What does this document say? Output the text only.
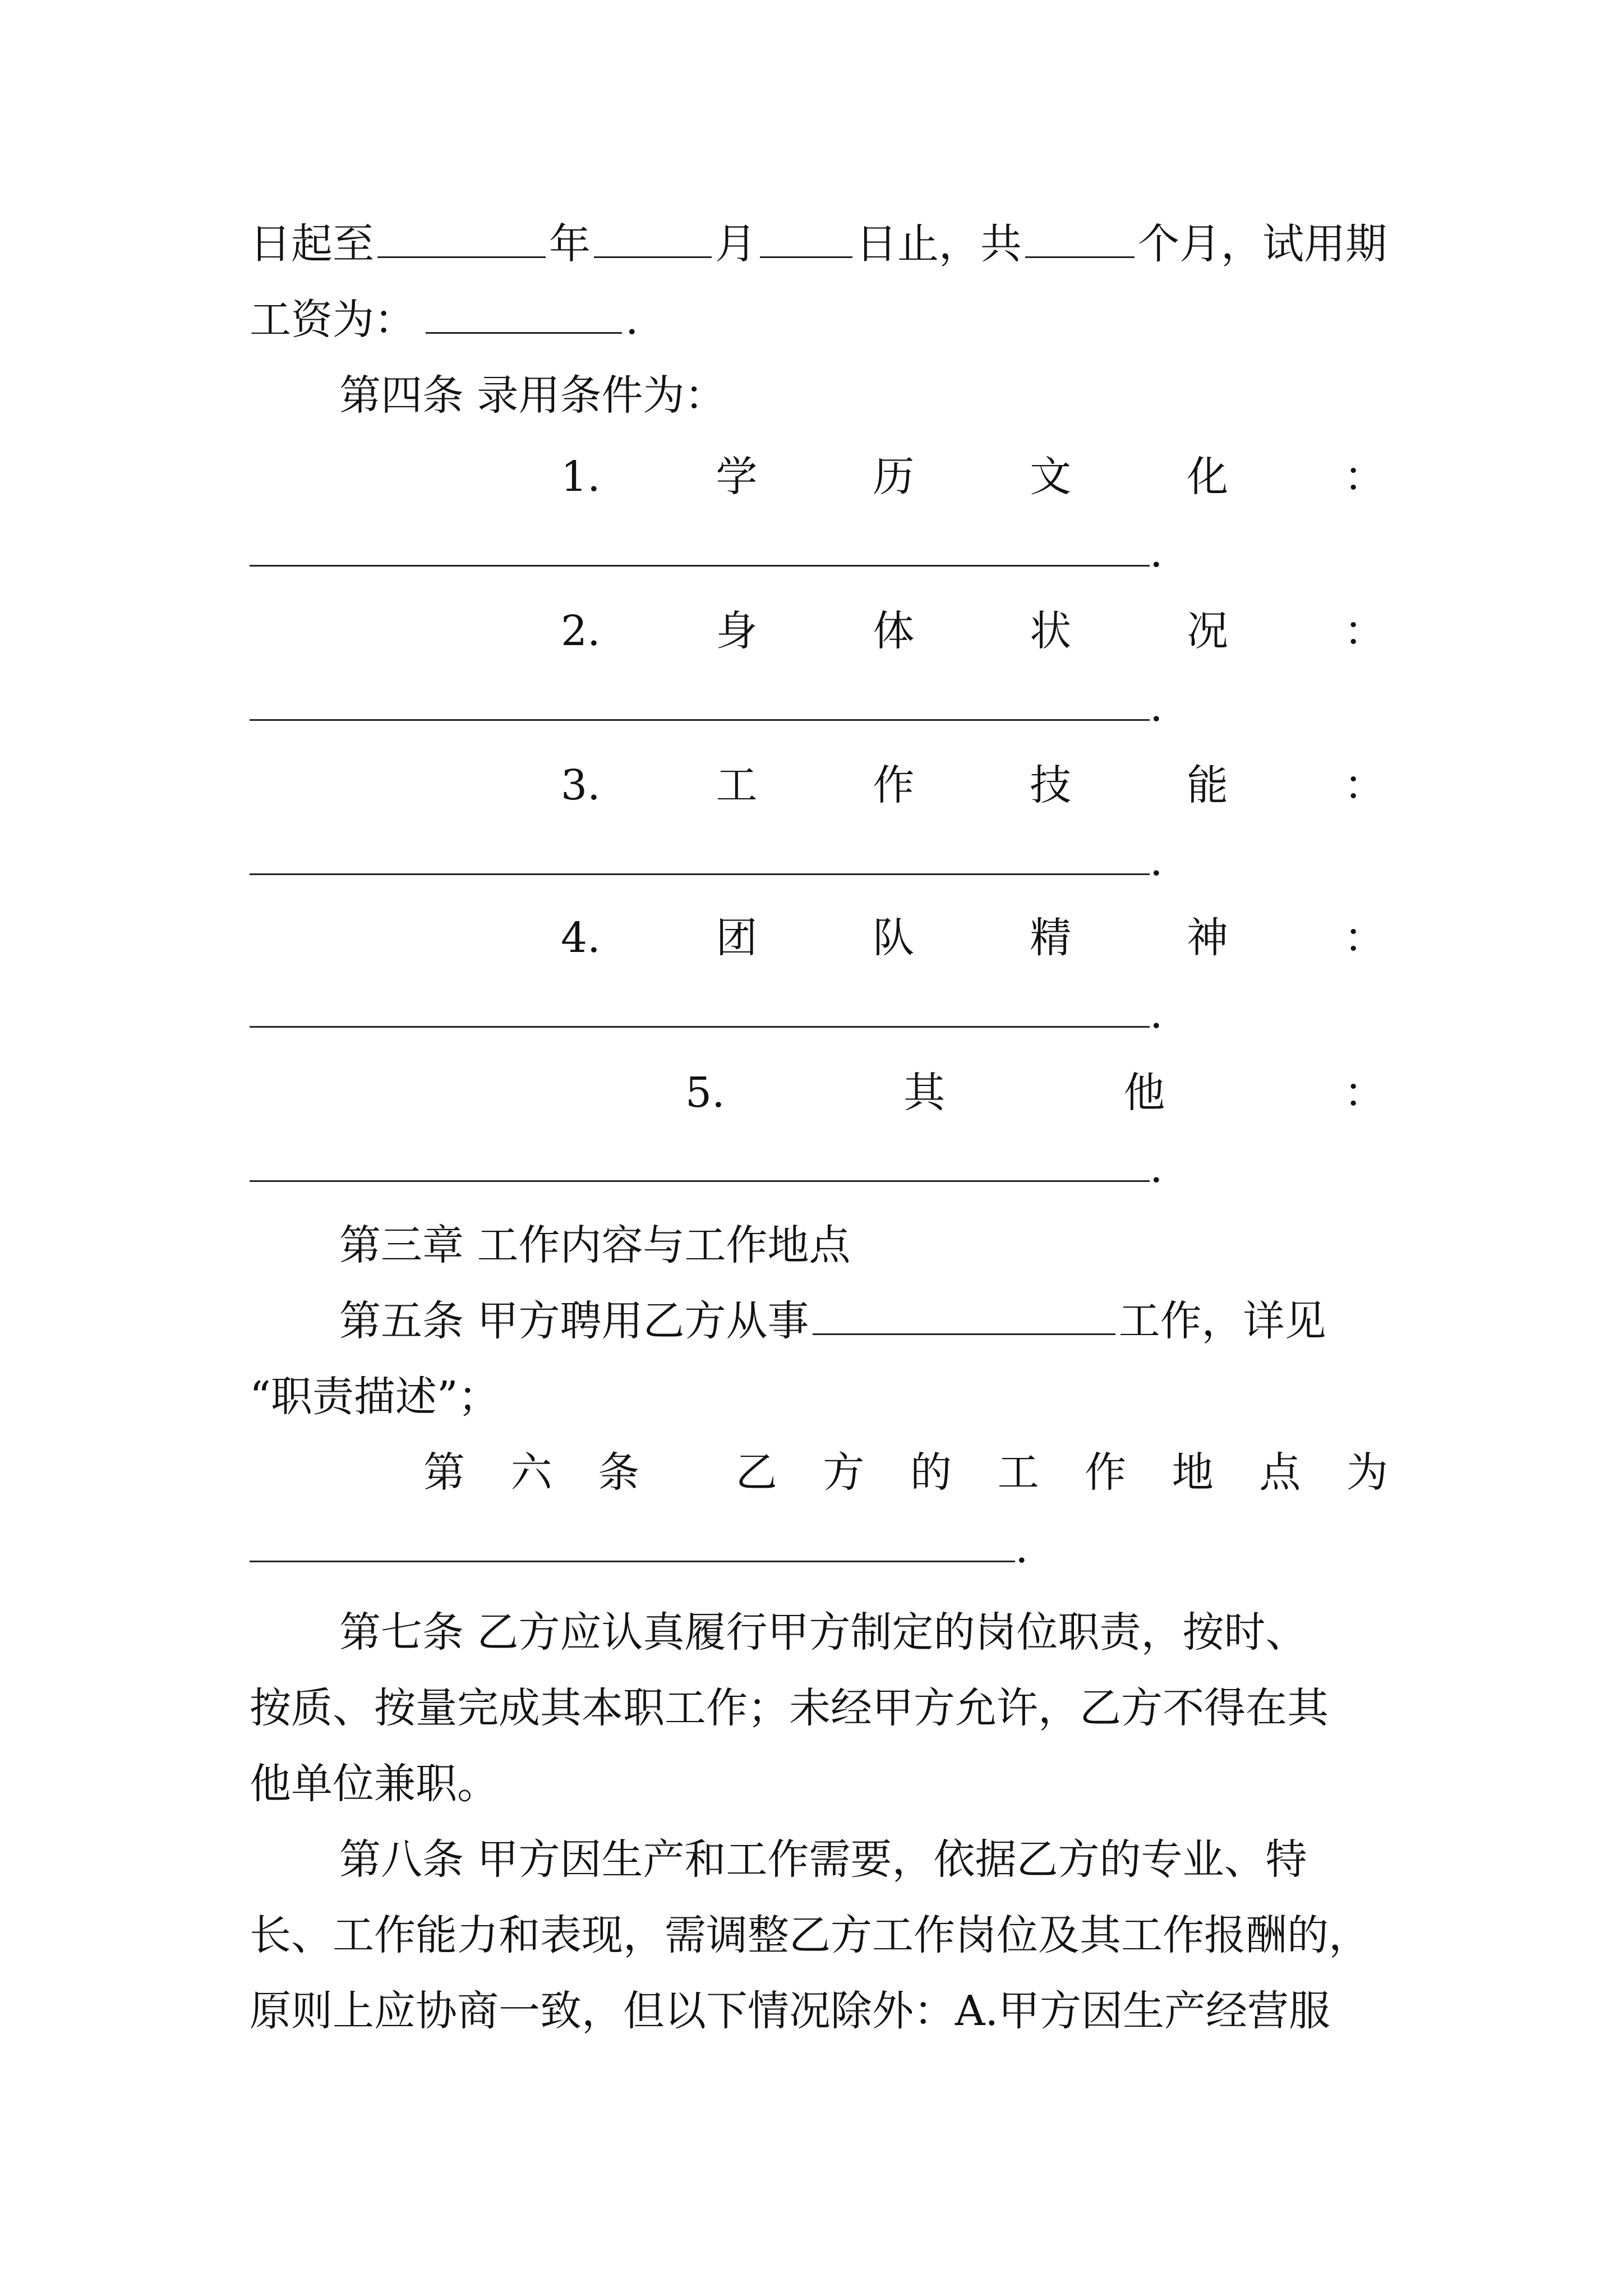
日起至	年	月 日止，共	个月，试用期
工资为：	.
第四条 录用条件为：
1.	学	历	文	化	：
.
2.	身	体	状	况	：
.
3.	工	作	技	能	：
.
4.	团	队	精	神	：
.
5.	其	他	：
.
第三章 工作内容与工作地点
第五条 甲方聘用乙方从事	工作，详见
“职责描述”；
第 六 条 乙 方 的 工 作 地 点 为
.
第七条 乙方应认真履行甲方制定的岗位职责，按时、
按质、按量完成其本职工作；未经甲方允许，乙方不得在其
他单位兼职。
第八条 甲方因生产和工作需要，依据乙方的专业、特
长、工作能力和表现，需调整乙方工作岗位及其工作报酬的，
原则上应协商一致，但以下情况除外：A.甲方因生产经营服
